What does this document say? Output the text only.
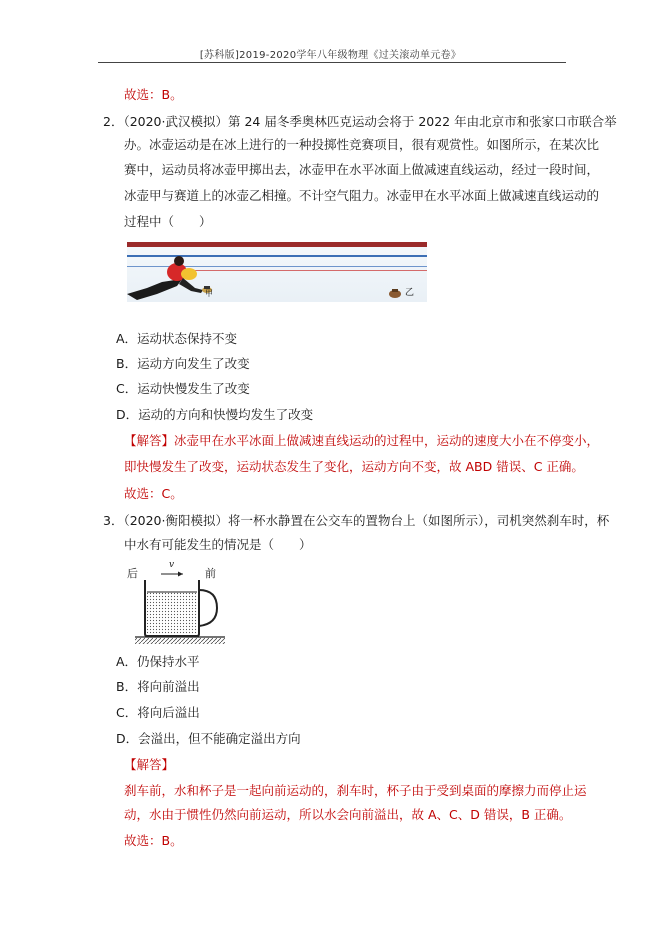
[苏科版]2019-2020学年八年级物理《过关滚动单元卷》
故选：B。
2．（2020·武汉模拟）第 24 届冬季奥林匹克运动会将于 2022 年由北京市和张家口市联合举
办。冰壶运动是在冰上进行的一种投掷性竞赛项目，很有观赏性。如图所示，在某次比
赛中，运动员将冰壶甲掷出去，冰壶甲在水平冰面上做减速直线运动，经过一段时间，
冰壶甲与赛道上的冰壶乙相撞。不计空气阻力。冰壶甲在水平冰面上做减速直线运动的
过程中（　　）
甲	乙
A．运动状态保持不变
B．运动方向发生了改变
C．运动快慢发生了改变
D．运动的方向和快慢均发生了改变
【解答】冰壶甲在水平冰面上做减速直线运动的过程中，运动的速度大小在不停变小，
即快慢发生了改变，运动状态发生了变化，运动方向不变，故 ABD 错误、C 正确。
故选：C。
3．（2020·衡阳模拟）将一杯水静置在公交车的置物台上（如图所示），司机突然刹车时，杯
中水有可能发生的情况是（　　）
后	前
v
A．仍保持水平
B．将向前溢出
C．将向后溢出
D．会溢出，但不能确定溢出方向
【解答】
刹车前，水和杯子是一起向前运动的，刹车时，杯子由于受到桌面的摩擦力而停止运
动，水由于惯性仍然向前运动，所以水会向前溢出，故 A、C、D 错误，B 正确。
故选：B。
